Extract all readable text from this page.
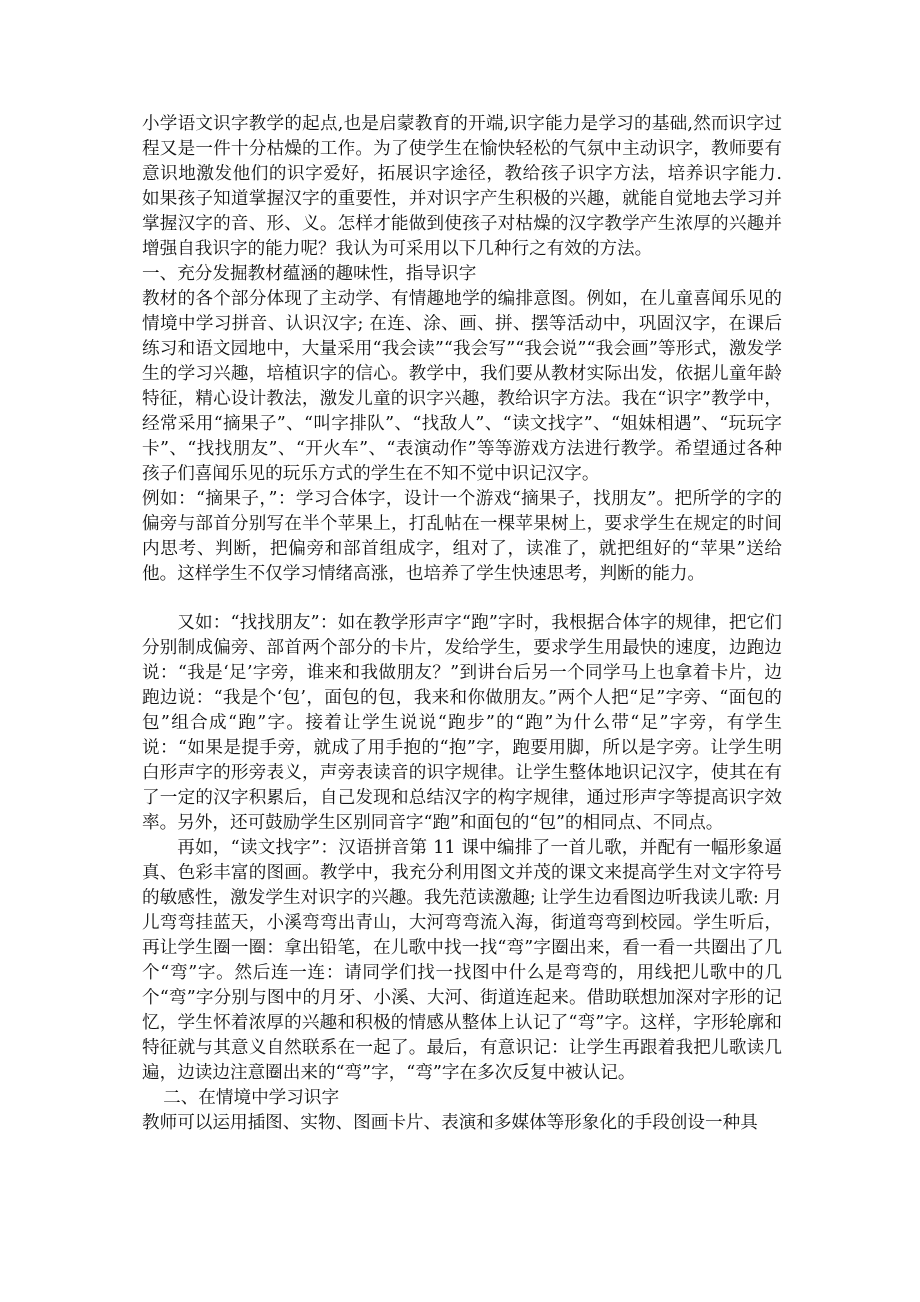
小学语文识字教学的起点,也是启蒙教育的开端,识字能力是学习的基础,然而识字过程又是一件十分枯燥的工作。为了使学生在愉快轻松的气氛中主动识字，教师要有意识地激发他们的识字爱好，拓展识字途径，教给孩子识字方法，培养识字能力. 如果孩子知道掌握汉字的重要性，并对识字产生积极的兴趣，就能自觉地去学习并掌握汉字的音、形、义。怎样才能做到使孩子对枯燥的汉字教学产生浓厚的兴趣并增强自我识字的能力呢？我认为可采用以下几种行之有效的方法。

一、充分发掘教材蕴涵的趣味性，指导识字

教材的各个部分体现了主动学、有情趣地学的编排意图。例如，在儿童喜闻乐见的情境中学习拼音、认识汉字; 在连、涂、画、拼、摆等活动中，巩固汉字，在课后练习和语文园地中，大量采用“我会读”“我会写”“我会说”“我会画”等形式，激发学生的学习兴趣，培植识字的信心。教学中，我们要从教材实际出发，依据儿童年龄特征，精心设计教法，激发儿童的识字兴趣，教给识字方法。我在“识字”教学中，经常采用“摘果子”、“叫字排队”、“找敌人”、“读文找字”、“姐妹相遇”、“玩玩字卡”、“找找朋友”、“开火车”、“表演动作”等等游戏方法进行教学。希望通过各种孩子们喜闻乐见的玩乐方式的学生在不知不觉中识记汉字。

例如：“摘果子，”：学习合体字，设计一个游戏“摘果子，找朋友”。把所学的字的偏旁与部首分别写在半个苹果上，打乱帖在一棵苹果树上，要求学生在规定的时间内思考、判断，把偏旁和部首组成字，组对了，读准了，就把组好的“苹果”送给他。这样学生不仅学习情绪高涨，也培养了学生快速思考，判断的能力。

又如：“找找朋友”：如在教学形声字“跑”字时，我根据合体字的规律，把它们分别制成偏旁、部首两个部分的卡片，发给学生，要求学生用最快的速度，边跑边说：“我是‘足’字旁，谁来和我做朋友？”到讲台后另一个同学马上也拿着卡片，边跑边说：“我是个‘包’，面包的包，我来和你做朋友。”两个人把“足”字旁、“面包的包”组合成“跑”字。接着让学生说说“跑步”的“跑”为什么带“足”字旁，有学生说：“如果是提手旁，就成了用手抱的“抱”字，跑要用脚，所以是字旁。让学生明白形声字的形旁表义，声旁表读音的识字规律。让学生整体地识记汉字，使其在有了一定的汉字积累后，自己发现和总结汉字的构字规律，通过形声字等提高识字效率。另外，还可鼓励学生区别同音字“跑”和面包的“包”的相同点、不同点。

再如，“读文找字”：汉语拼音第 11 课中编排了一首儿歌，并配有一幅形象逼真、色彩丰富的图画。教学中，我充分利用图文并茂的课文来提高学生对文字符号的敏感性，激发学生对识字的兴趣。我先范读激趣; 让学生边看图边听我读儿歌: 月儿弯弯挂蓝天，小溪弯弯出青山，大河弯弯流入海，街道弯弯到校园。学生听后，再让学生圈一圈：拿出铅笔，在儿歌中找一找“弯”字圈出来，看一看一共圈出了几个“弯”字。然后连一连：请同学们找一找图中什么是弯弯的，用线把儿歌中的几个“弯”字分别与图中的月牙、小溪、大河、街道连起来。借助联想加深对字形的记忆，学生怀着浓厚的兴趣和积极的情感从整体上认记了“弯”字。这样，字形轮廓和特征就与其意义自然联系在一起了。最后，有意识记：让学生再跟着我把儿歌读几遍，边读边注意圈出来的“弯”字，“弯”字在多次反复中被认记。

二、在情境中学习识字

教师可以运用插图、实物、图画卡片、表演和多媒体等形象化的手段创设一种具
